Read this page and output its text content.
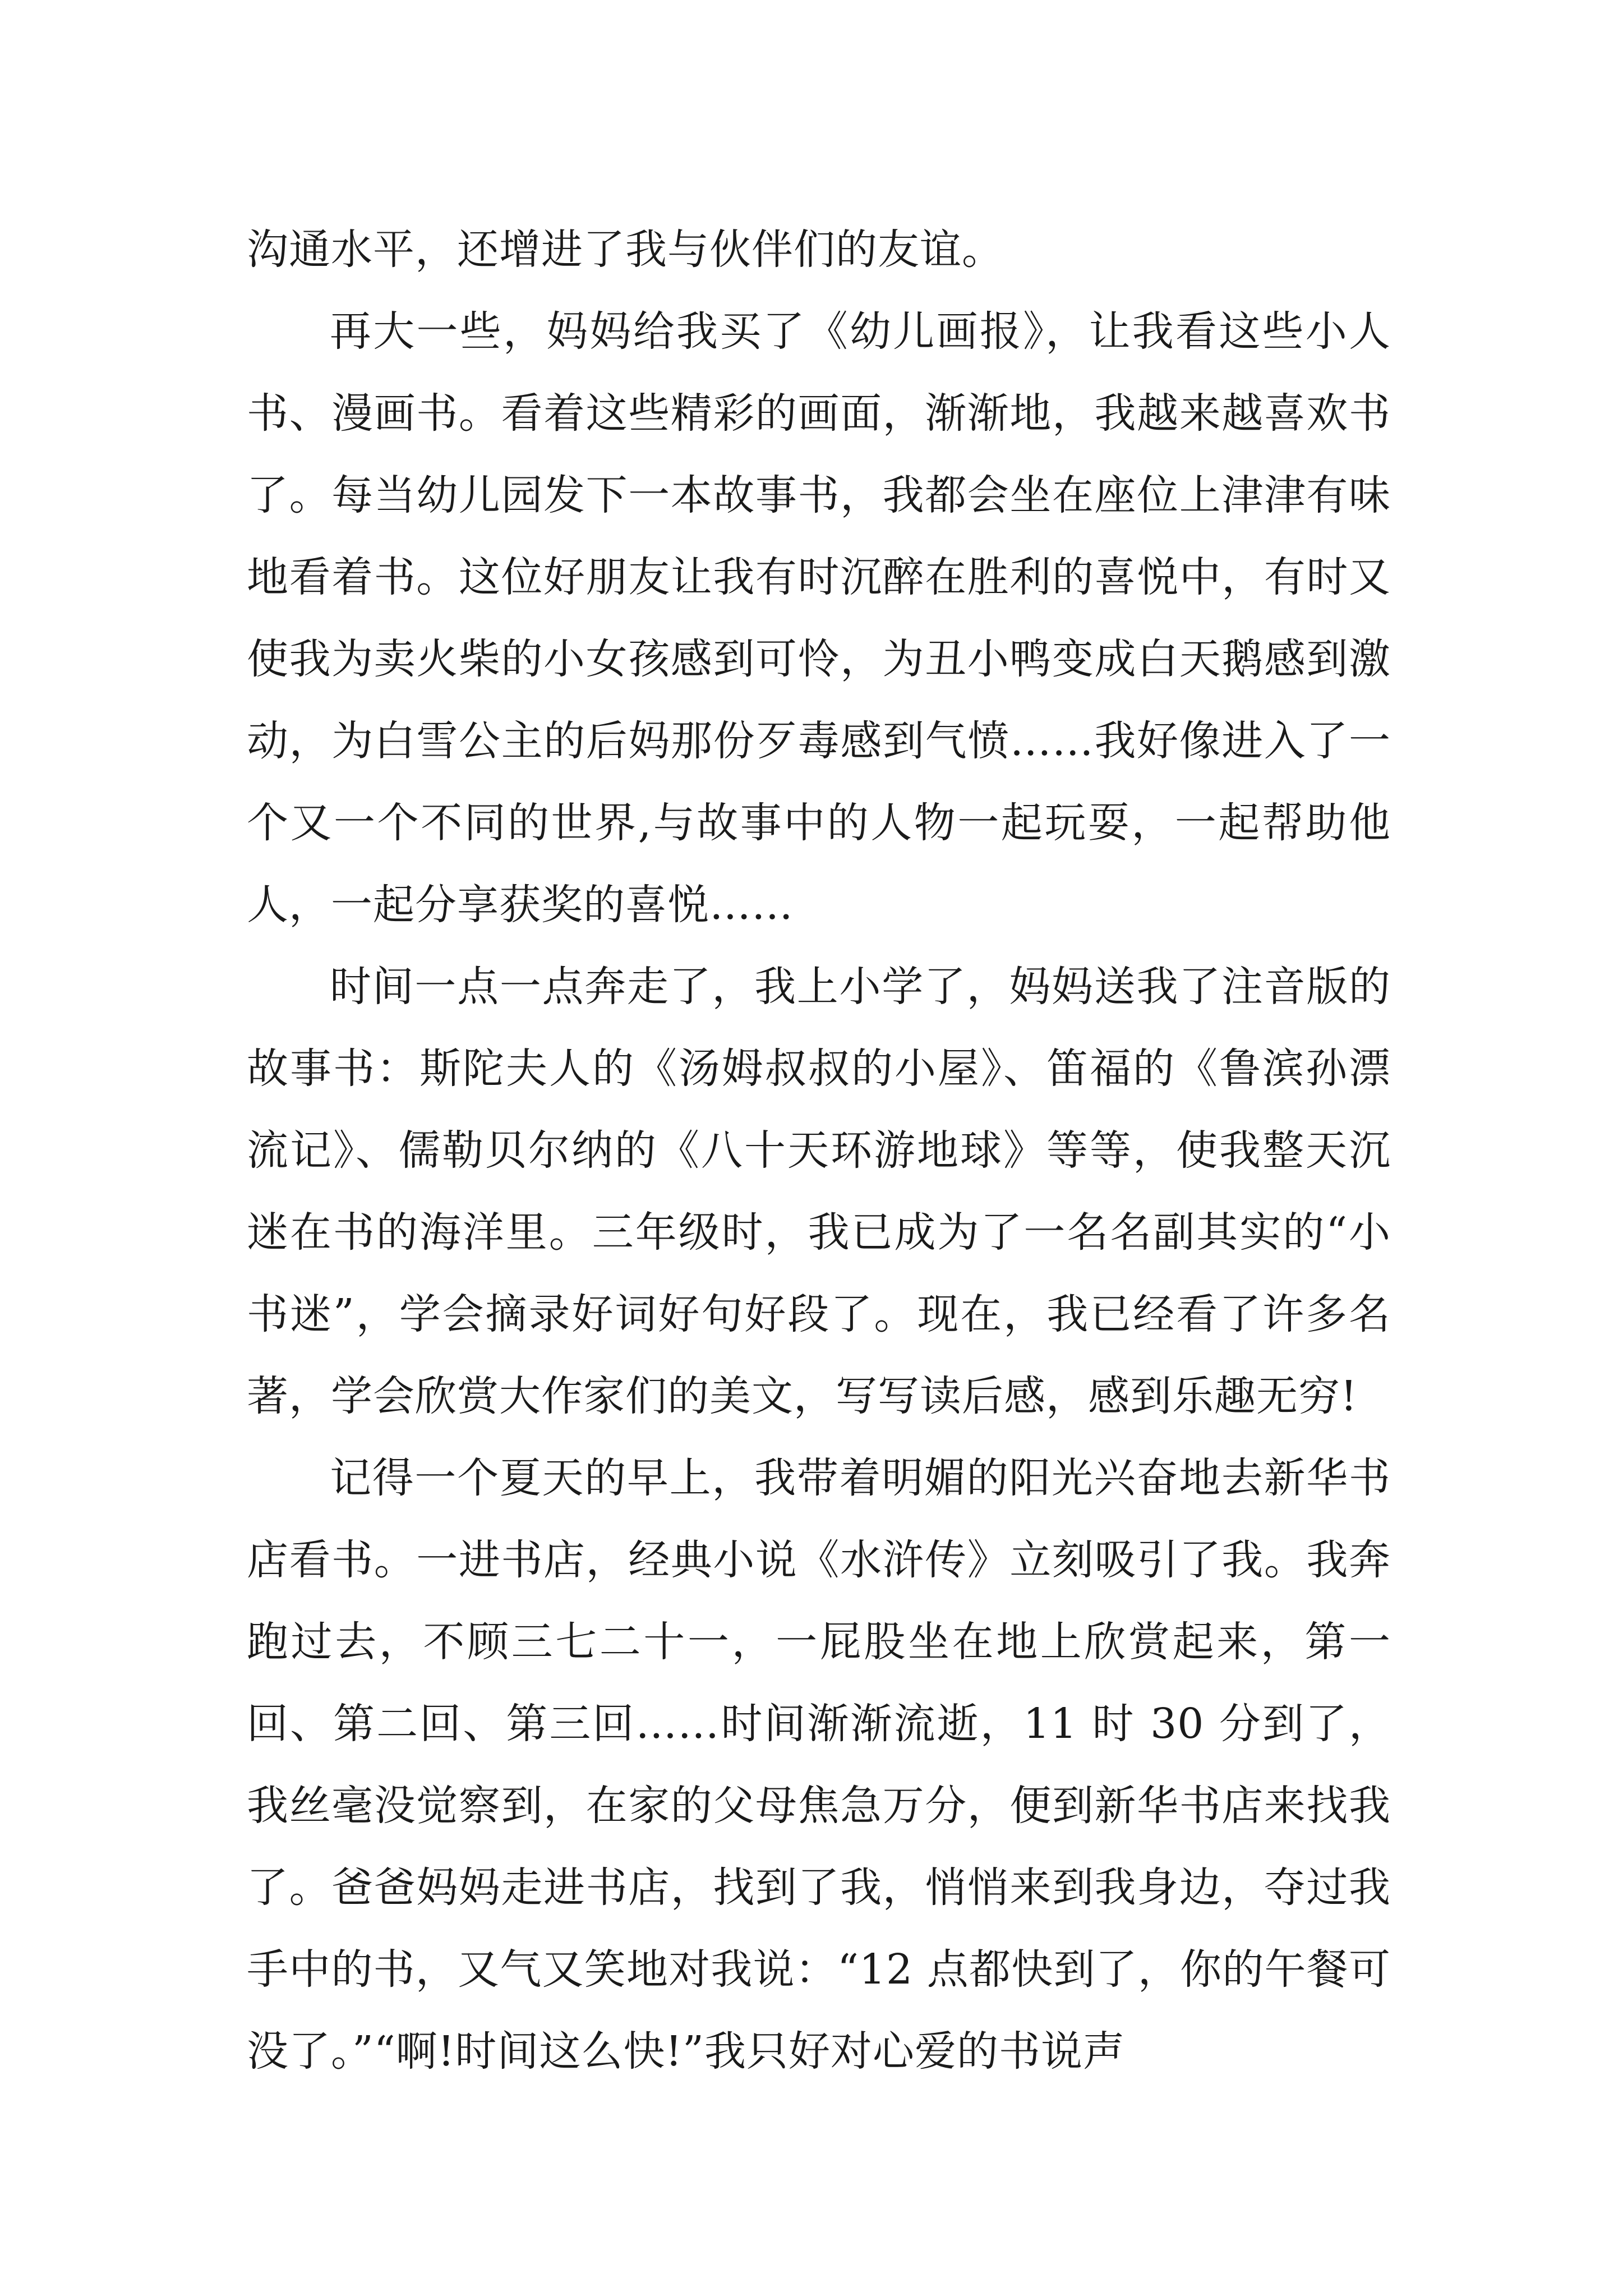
沟通水平，还增进了我与伙伴们的友谊。

再大一些，妈妈给我买了《幼儿画报》，让我看这些小人书、漫画书。看着这些精彩的画面，渐渐地，我越来越喜欢书了。每当幼儿园发下一本故事书，我都会坐在座位上津津有味地看着书。这位好朋友让我有时沉醉在胜利的喜悦中，有时又使我为卖火柴的小女孩感到可怜，为丑小鸭变成白天鹅感到激动，为白雪公主的后妈那份歹毒感到气愤……我好像进入了一个又一个不同的世界,与故事中的人物一起玩耍，一起帮助他人，一起分享获奖的喜悦……

时间一点一点奔走了，我上小学了，妈妈送我了注音版的故事书：斯陀夫人的《汤姆叔叔的小屋》、笛福的《鲁滨孙漂流记》、儒勒贝尔纳的《八十天环游地球》等等，使我整天沉迷在书的海洋里。三年级时，我已成为了一名名副其实的“小书迷”，学会摘录好词好句好段了。现在，我已经看了许多名著，学会欣赏大作家们的美文，写写读后感，感到乐趣无穷!

记得一个夏天的早上，我带着明媚的阳光兴奋地去新华书店看书。一进书店，经典小说《水浒传》立刻吸引了我。我奔跑过去，不顾三七二十一，一屁股坐在地上欣赏起来，第一回、第二回、第三回……时间渐渐流逝，11 时 30 分到了，我丝毫没觉察到，在家的父母焦急万分，便到新华书店来找我了。爸爸妈妈走进书店，找到了我，悄悄来到我身边，夺过我手中的书，又气又笑地对我说：“12 点都快到了，你的午餐可没了。”“啊!时间这么快!”我只好对心爱的书说声
